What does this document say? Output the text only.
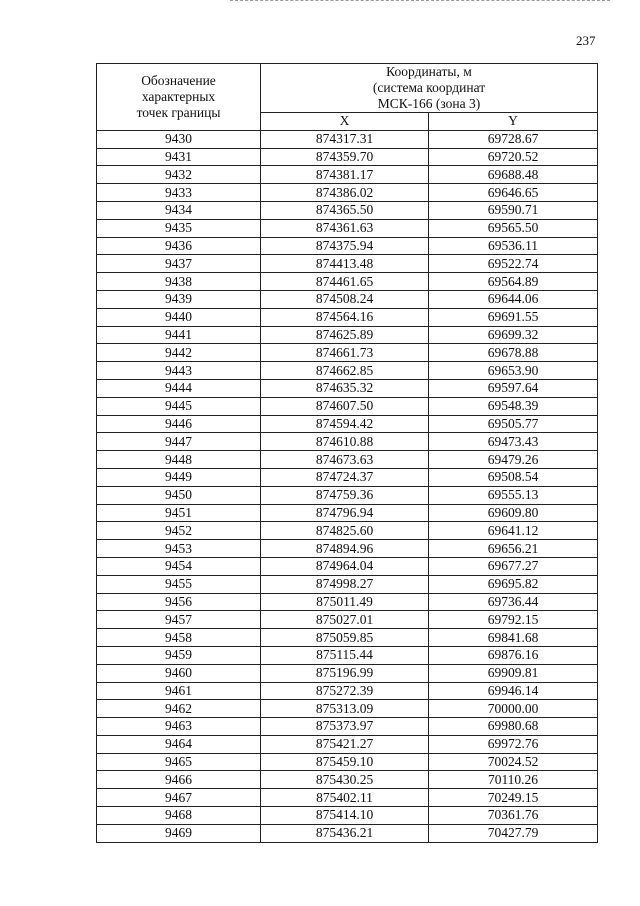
237
Обозначение
характерных
точек границы	Координаты, м
(система координат
МСК-166 (зона 3)	

	X	Y
9430	874317.31	69728.67
9431	874359.70	69720.52
9432	874381.17	69688.48
9433	874386.02	69646.65
9434	874365.50	69590.71
9435	874361.63	69565.50
9436	874375.94	69536.11
9437	874413.48	69522.74
9438	874461.65	69564.89
9439	874508.24	69644.06
9440	874564.16	69691.55
9441	874625.89	69699.32
9442	874661.73	69678.88
9443	874662.85	69653.90
9444	874635.32	69597.64
9445	874607.50	69548.39
9446	874594.42	69505.77
9447	874610.88	69473.43
9448	874673.63	69479.26
9449	874724.37	69508.54
9450	874759.36	69555.13
9451	874796.94	69609.80
9452	874825.60	69641.12
9453	874894.96	69656.21
9454	874964.04	69677.27
9455	874998.27	69695.82
9456	875011.49	69736.44
9457	875027.01	69792.15
9458	875059.85	69841.68
9459	875115.44	69876.16
9460	875196.99	69909.81
9461	875272.39	69946.14
9462	875313.09	70000.00
9463	875373.97	69980.68
9464	875421.27	69972.76
9465	875459.10	70024.52
9466	875430.25	70110.26
9467	875402.11	70249.15
9468	875414.10	70361.76
9469	875436.21	70427.79
